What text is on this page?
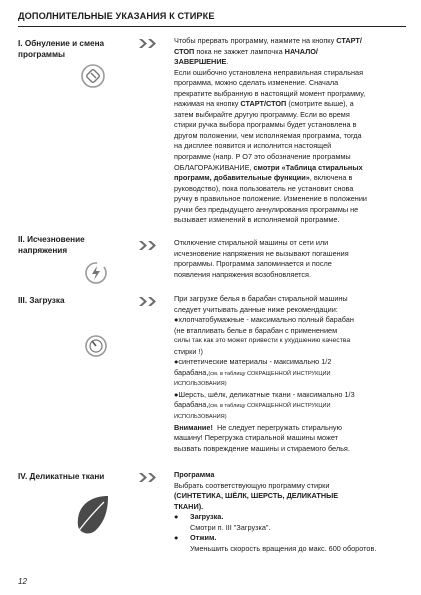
ДОПОЛНИТЕЛЬНЫЕ УКАЗАНИЯ К СТИРКЕ
I. Обнуление и смена программы

Чтобы прервать программу, нажмите на кнопку СТАРТ/

СТОП пока не зажжет лампочка НАЧАЛО/

ЗАВЕРШЕНИЕ.

Если ошибочно установлена неправильная стиральная

программа, можно сделать изменение. Сначала

прекратите выбранную в настоящий момент программу,

нажимая на кнопку СТАРТ/СТОП (смотрите выше), а

затем выбирайте другую программу. Если во время

стирки ручка выбора программы будет установлена в

другом положении, чем исполняемая программа, тогда

на дисплее появится и исполнится настоящей

программе (напр. P O7 это обозначение программы

ОБЛАГОРАЖИВАНИЕ, смотри «Таблица стиральных

программ, добавительные функции», включена в

руководство), пока пользователь не установит снова

ручку в правильное положение. Изменение в положении

ручки без предыдущего аннулирования программы не

вызывает изменений в исполняемой программе.

II. Исчезновение напряжения

Отключение стиральной машины от сети или

исчезновение напряжения не вызывают погашения

программы. Программа запоминается и после

появления напряжения возобновляется.

III. Загрузка	При загрузке белья в барабан стиральной машины

следует учитывать данные ниже рекомендации:

●хлопчатобумажные - максимально полный барабан

(не втапливать белье в барабан с применением

силы так как это может привести к ухудшению качества

стирки !)

●синтетические материалы - максимально 1/2

барабана,(см. в таблицу СОКРАЩЕННОЙ ИНСТРУКЦИИ

ИСПОЛЬЗОВАНИЯ)

●Шерсть, шёлк, деликатные ткани - максимально 1/3

барабана,(см. в таблицу СОКРАЩЕННОЙ ИНСТРУКЦИИ

ИСПОЛЬЗОВАНИЯ)

Внимание! Не следует перегружать стиральную

машину! Перегрузка стиральной машины может

вызвать повреждение машины и стираемого белья.

IV. Деликатные ткани	Программа

Выбрать соответствующую программу стирки

(СИНТЕТИКА, ШЁЛК, ШЕРСТЬ, ДЕЛИКАТНЫЕ

ТКАНИ).

●	Загрузка.
Смотри п. III "Загрузка".
●	Отжим.
Уменьшить скорость вращения до макс. 600 оборотов.
12
